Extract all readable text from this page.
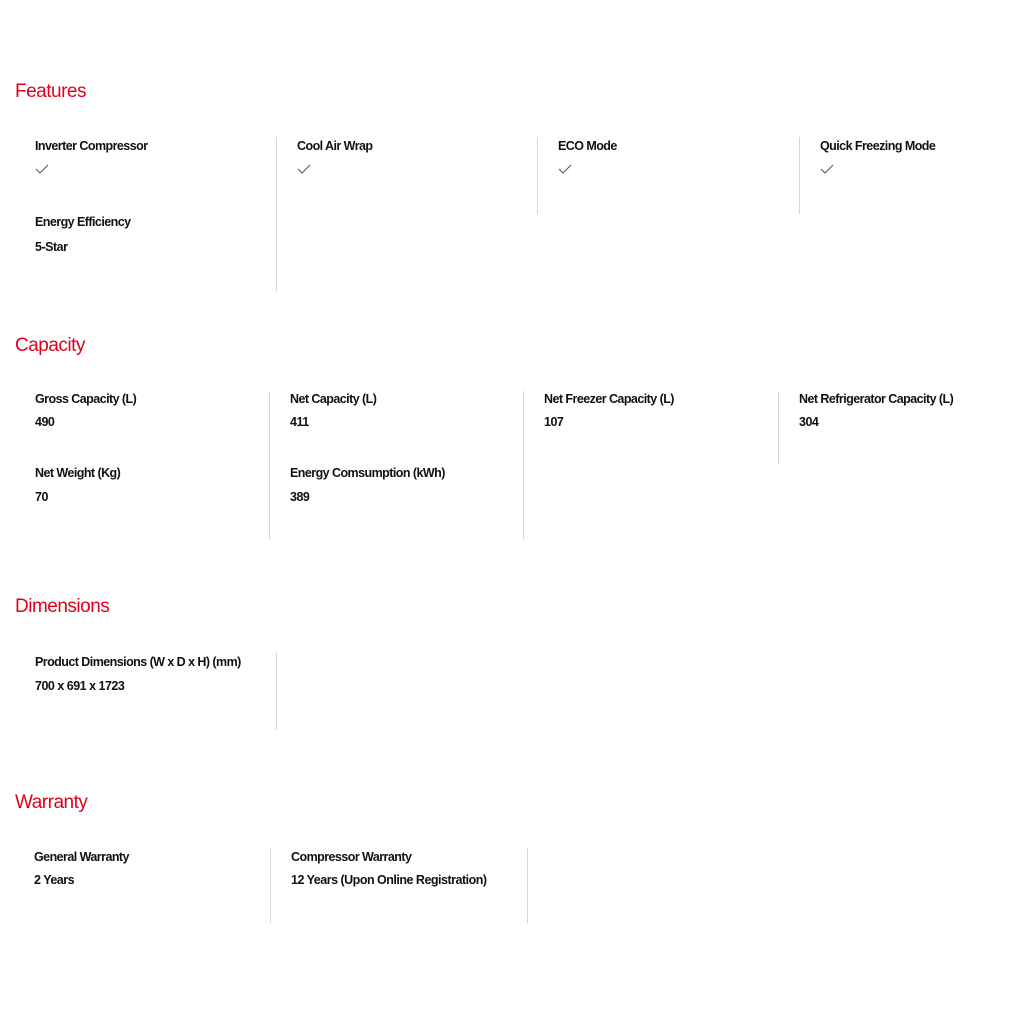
Features
Inverter Compressor
Energy Efficiency
5-Star
Cool Air Wrap	ECO Mode	Quick Freezing Mode
Capacity
Gross Capacity (L)
490
Net Weight (Kg)
70
Net Capacity (L)
411
Energy Comsumption (kWh)
389
Net Freezer Capacity (L)
107
Net Refrigerator Capacity (L)
304
Dimensions
Product Dimensions (W x D x H) (mm)
700 x 691 x 1723
Warranty
General Warranty
2 Years
Compressor Warranty
12 Years (Upon Online Registration)
